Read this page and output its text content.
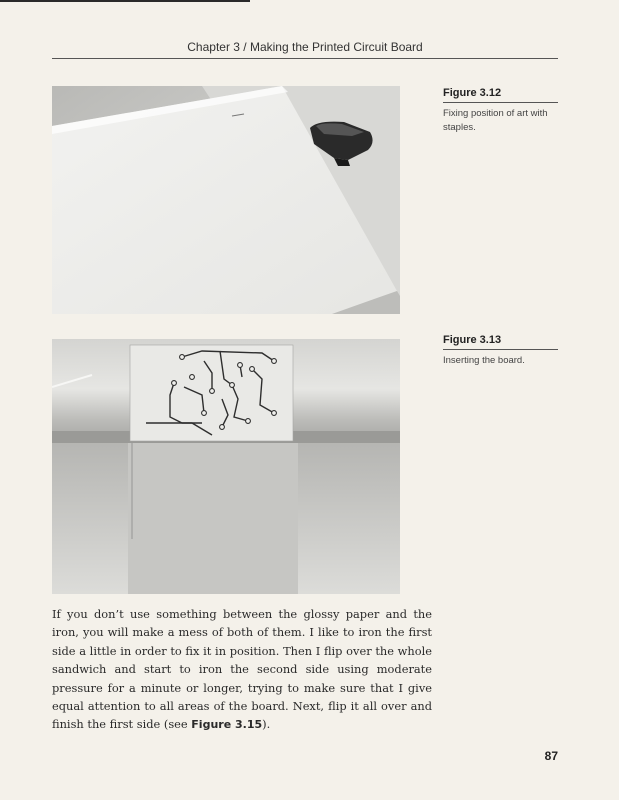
Chapter 3 / Making the Printed Circuit Board
Figure 3.12
Fixing position of art with staples.
Figure 3.13
Inserting the board.

If you don’t use something between the glossy paper and the iron, you will make a mess of both of them. I like to iron the first side a little in order to fix it in position. Then I flip over the whole sandwich and start to iron the second side using moderate pressure for a minute or longer, trying to make sure that I give equal attention to all areas of the board. Next, flip it all over and finish the first side (see Figure 3.15).

87
